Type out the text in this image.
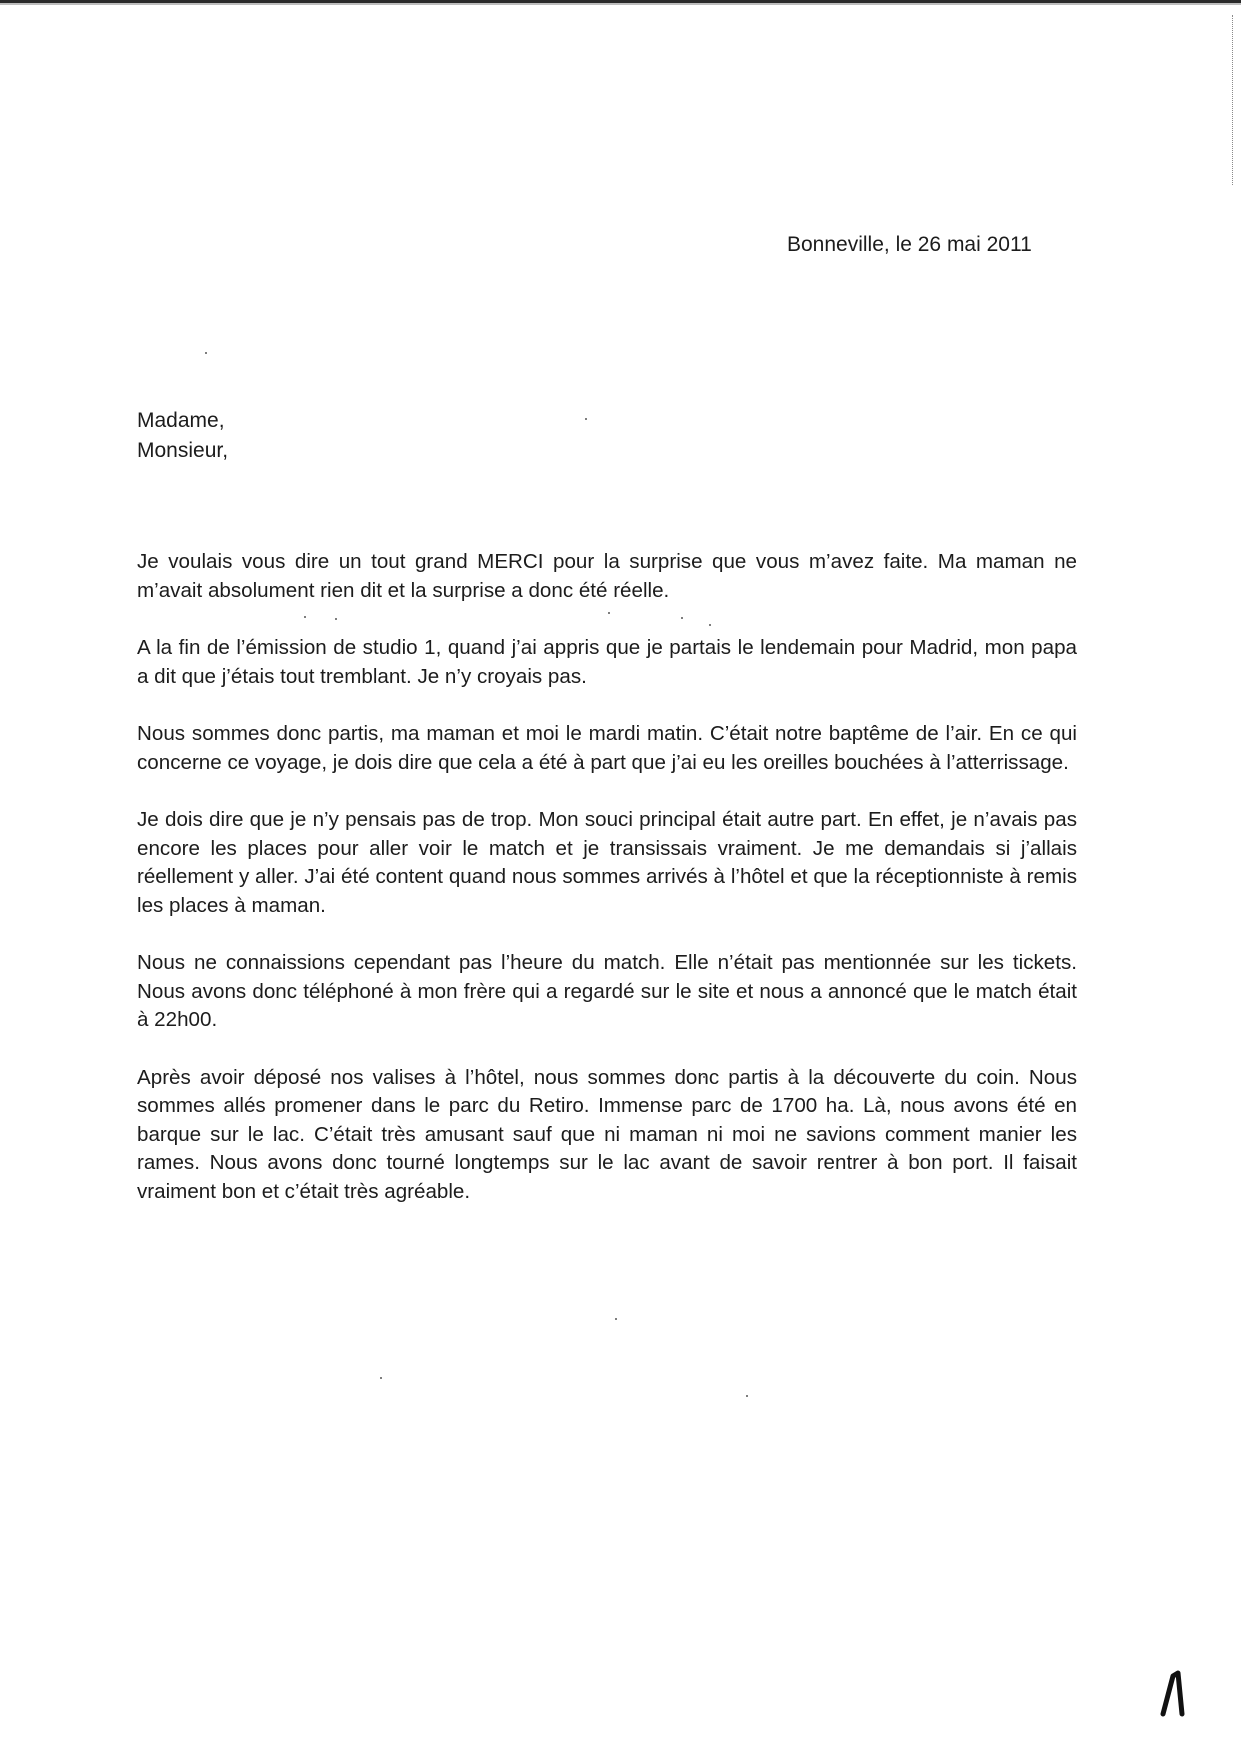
Bonneville, le 26 mai 2011
Madame,
Monsieur,

Je voulais vous dire un tout grand MERCI pour la surprise que vous m’avez faite. Ma maman ne m’avait absolument rien dit et la surprise a donc été réelle.

A la fin de l’émission de studio 1, quand j’ai appris que je partais le lendemain pour Madrid, mon papa a dit que j’étais tout tremblant. Je n’y croyais pas.

Nous sommes donc partis, ma maman et moi le mardi matin. C’était notre baptême de l’air. En ce qui concerne ce voyage, je dois dire que cela a été à part que j’ai eu les oreilles bouchées à l’atterrissage.

Je dois dire que je n’y pensais pas de trop. Mon souci principal était autre part. En effet, je n’avais pas encore les places pour aller voir le match et je transissais vraiment. Je me demandais si j’allais réellement y aller. J’ai été content quand nous sommes arrivés à l’hôtel et que la réceptionniste à remis les places à maman.

Nous ne connaissions cependant pas l’heure du match. Elle n’était pas mentionnée sur les tickets. Nous avons donc téléphoné à mon frère qui a regardé sur le site et nous a annoncé que le match était à 22h00.

Après avoir déposé nos valises à l’hôtel, nous sommes donc partis à la découverte du coin. Nous sommes allés promener dans le parc du Retiro. Immense parc de 1700 ha. Là, nous avons été en barque sur le lac. C’était très amusant sauf que ni maman ni moi ne savions comment manier les rames. Nous avons donc tourné longtemps sur le lac avant de savoir rentrer à bon port. Il faisait vraiment bon et c’était très agréable.
